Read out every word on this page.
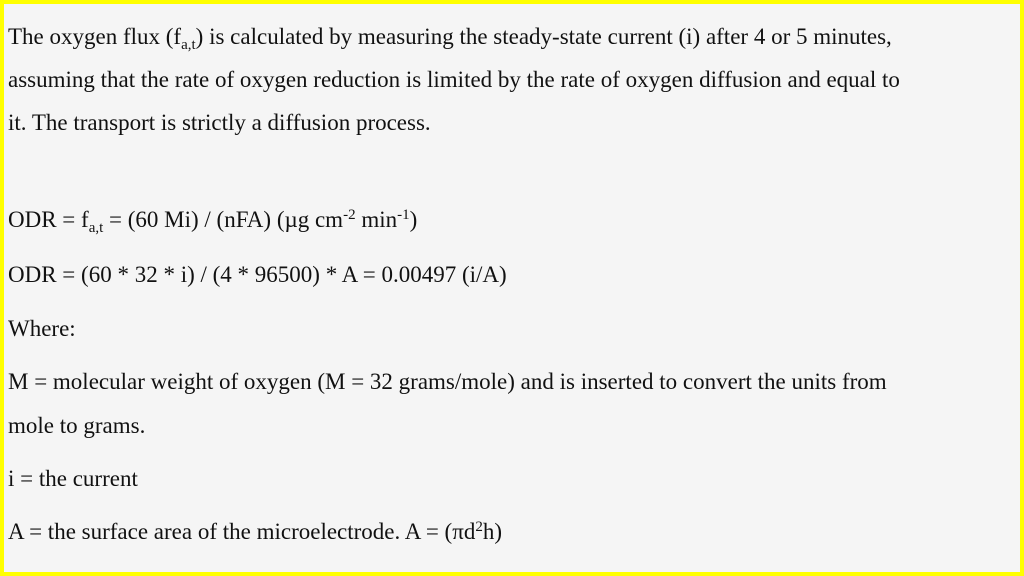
The oxygen flux $(f_{a,t})$ is calculated by measuring the steady-state current (i) after 4 or 5 minutes,

assuming that the rate of oxygen reduction is limited by the rate of oxygen diffusion and equal to

it. The transport is strictly a diffusion process.

ODR = $f_{a,t} = (60$ Mi) / (nFA) (µg $cm^{-2}$ $\min^{-1}$)
ODR = (60 * 32 * i) / (4 * 96500) * A = 0.00497 (i/A)
Where:
M = molecular weight of oxygen (M = 32 grams/mole) and is inserted to convert the units from
mole to grams.
i = the current
A = the surface area of the microelectrode. $A = (\pi d^2h)$
